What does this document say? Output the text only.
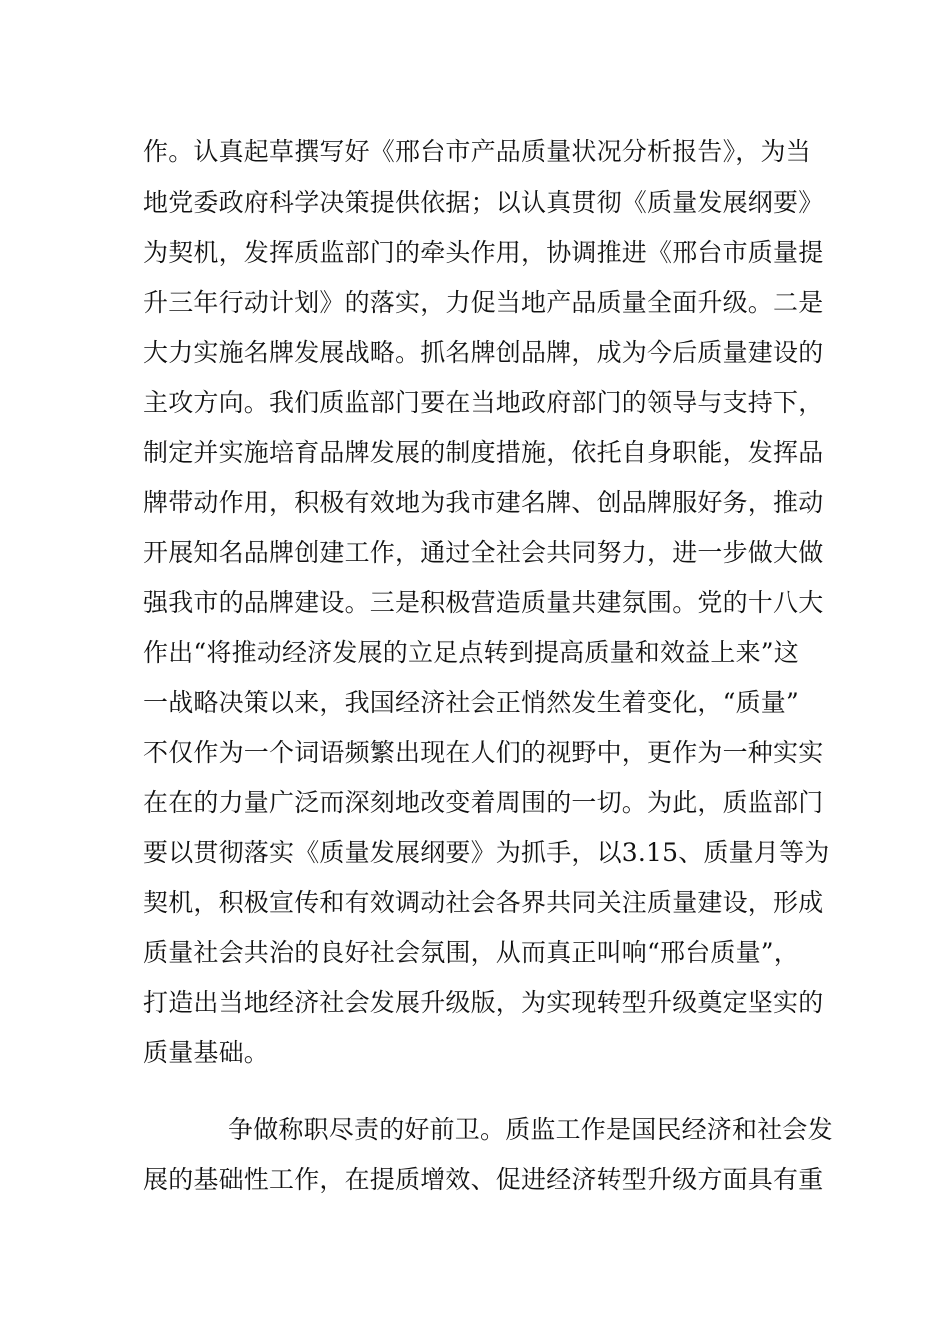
作。认真起草撰写好《邢台市产品质量状况分析报告》，为当
地党委政府科学决策提供依据；以认真贯彻《质量发展纲要》
为契机，发挥质监部门的牵头作用，协调推进《邢台市质量提
升三年行动计划》的落实，力促当地产品质量全面升级。二是
大力实施名牌发展战略。抓名牌创品牌，成为今后质量建设的
主攻方向。我们质监部门要在当地政府部门的领导与支持下，
制定并实施培育品牌发展的制度措施，依托自身职能，发挥品
牌带动作用，积极有效地为我市建名牌、创品牌服好务，推动
开展知名品牌创建工作，通过全社会共同努力，进一步做大做
强我市的品牌建设。三是积极营造质量共建氛围。党的十八大
作出“将推动经济发展的立足点转到提高质量和效益上来”这
一战略决策以来，我国经济社会正悄然发生着变化，“质量”
不仅作为一个词语频繁出现在人们的视野中，更作为一种实实
在在的力量广泛而深刻地改变着周围的一切。为此，质监部门
要以贯彻落实《质量发展纲要》为抓手，以3.15、质量月等为
契机，积极宣传和有效调动社会各界共同关注质量建设，形成
质量社会共治的良好社会氛围，从而真正叫响“邢台质量”，
打造出当地经济社会发展升级版，为实现转型升级奠定坚实的
质量基础。
争做称职尽责的好前卫。质监工作是国民经济和社会发
展的基础性工作，在提质增效、促进经济转型升级方面具有重
